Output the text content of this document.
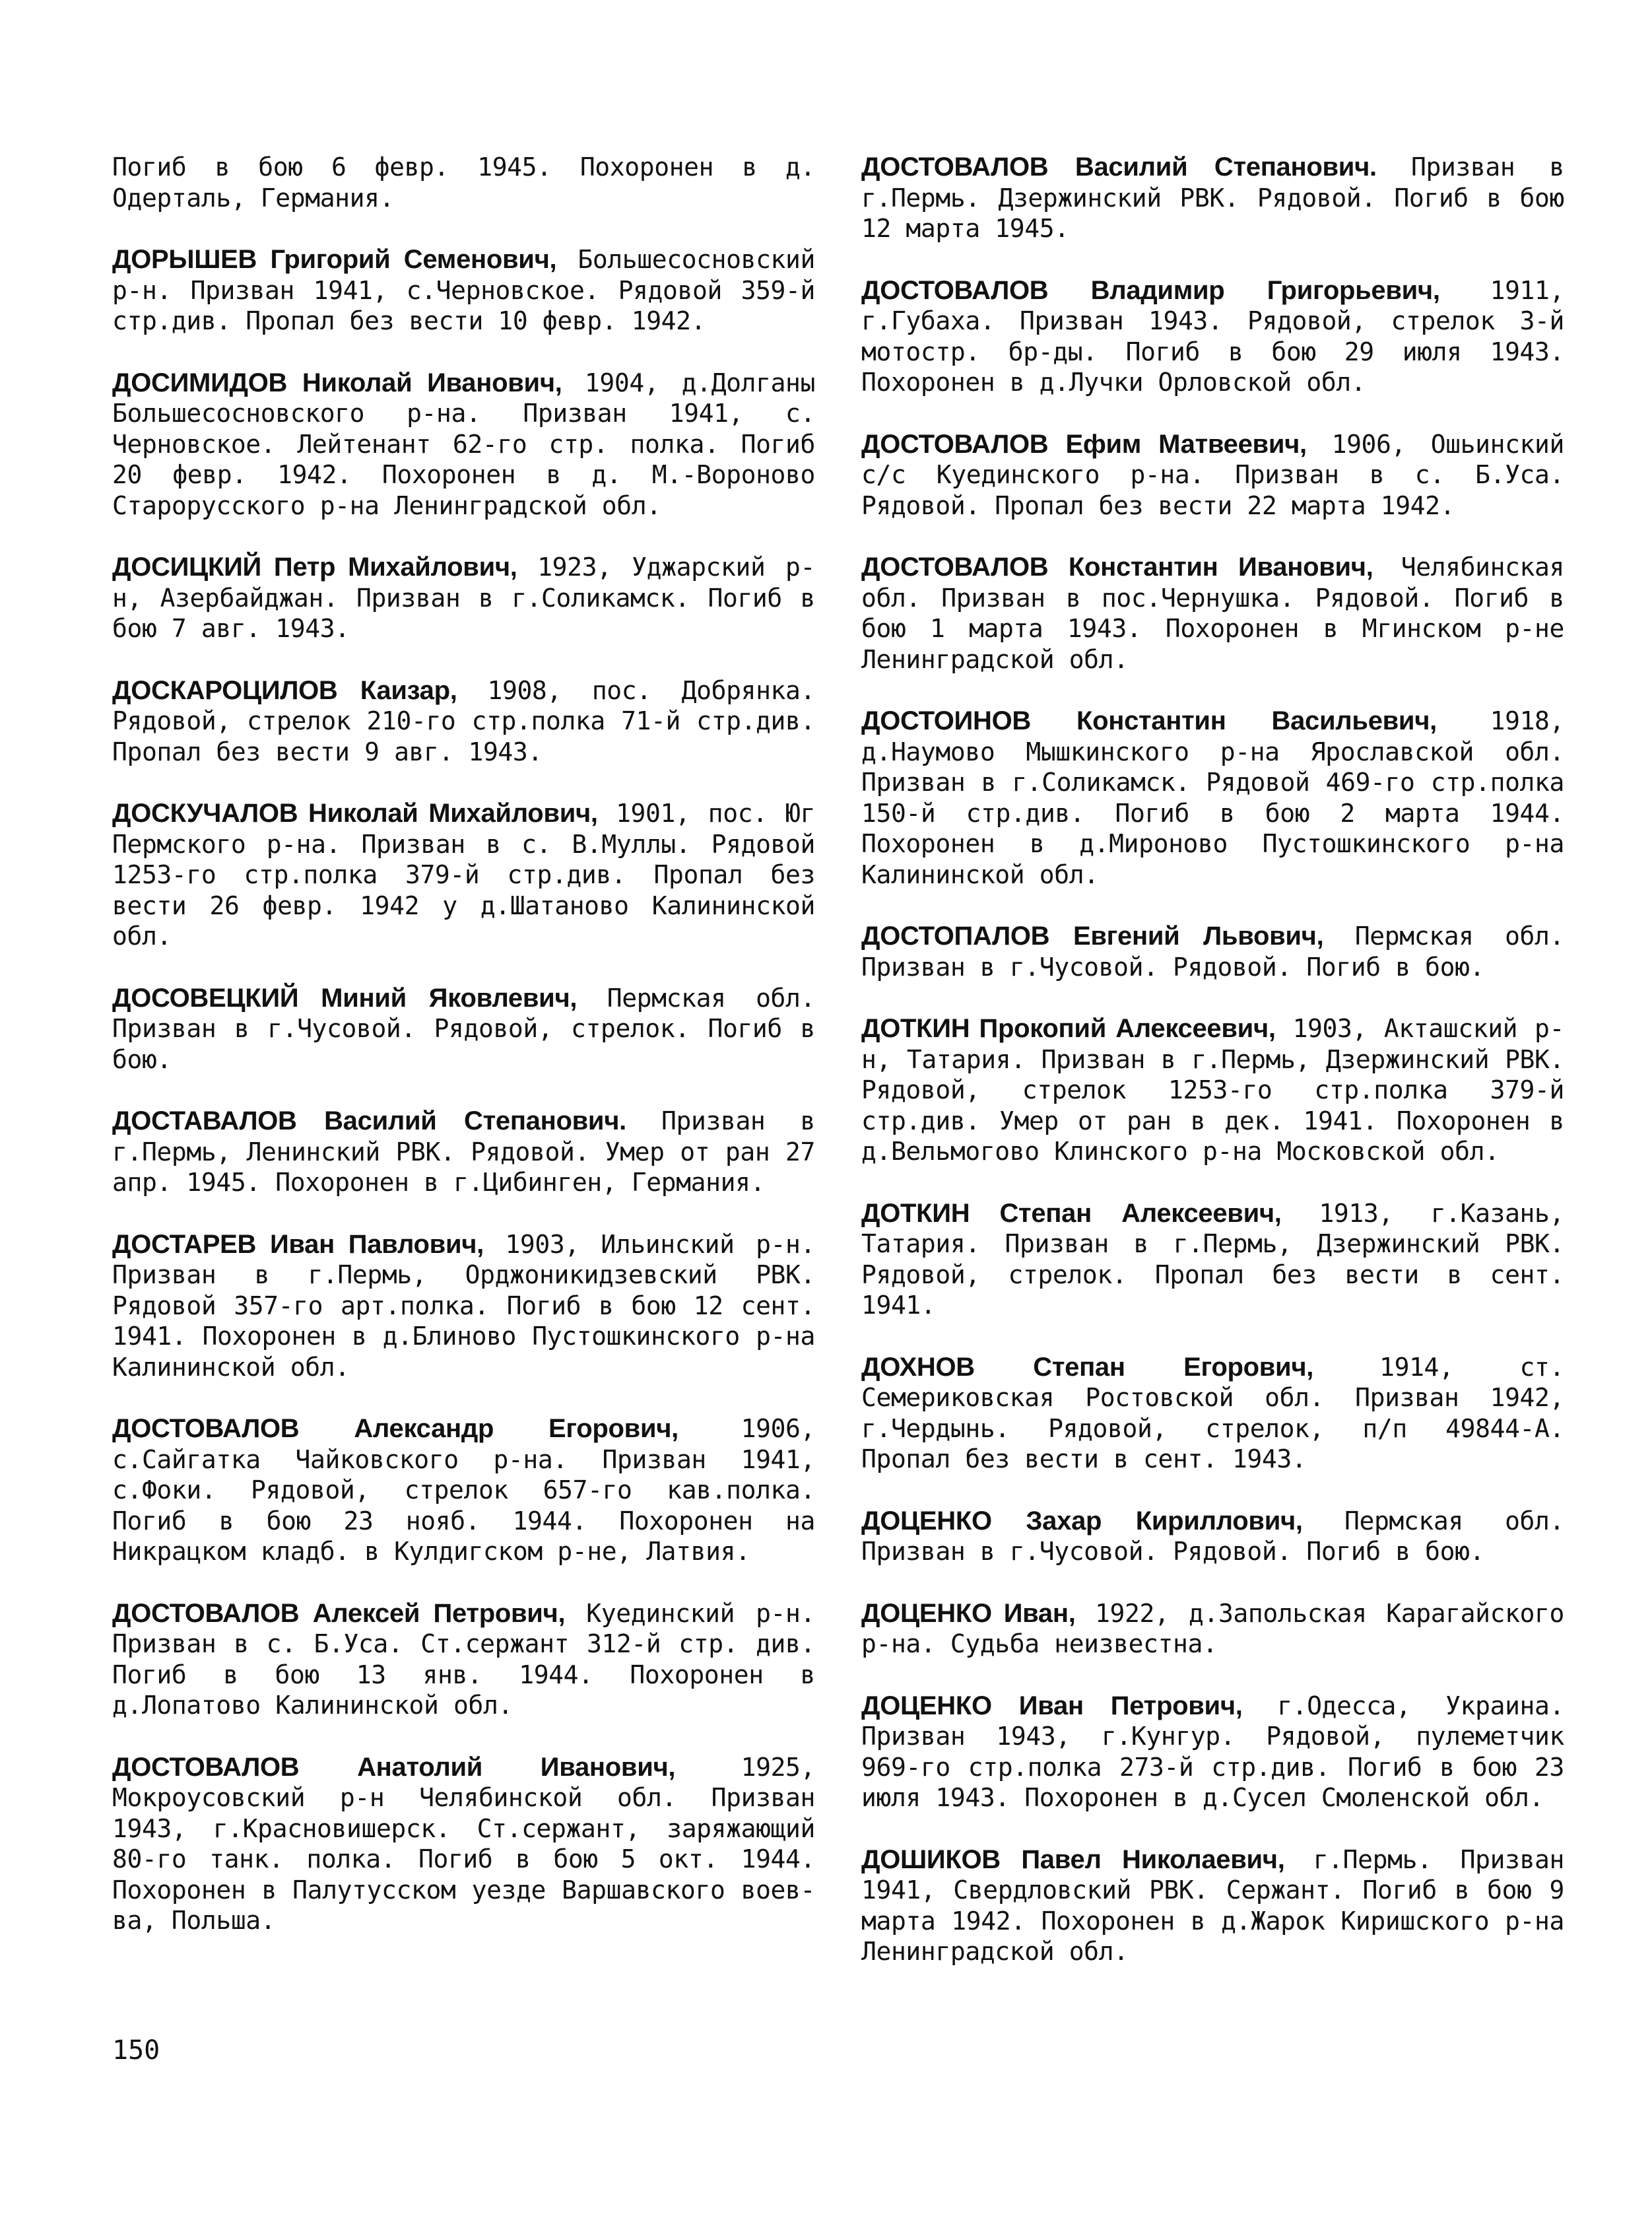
Погиб в бою 6 февр. 1945. Похоронен в д. Одерталь, Германия.

ДОРЫШЕВ Григорий Семенович, Большесосновский р-н. Призван 1941, с.Черновское. Рядовой 359-й стр.див. Пропал без вести 10 февр. 1942.

ДОСИМИДОВ Николай Иванович, 1904, д.Долганы Большесосновского р-на. Призван 1941, с. Черновское. Лейтенант 62-го стр. полка. Погиб 20 февр. 1942. Похоронен в д. М.-Вороново Старорусского р-на Ленинградской обл.

ДОСИЦКИЙ Петр Михайлович, 1923, Уджарский р-н, Азербайджан. Призван в г.Соликамск. Погиб в бою 7 авг. 1943.

ДОСКАРОЦИЛОВ Каизар, 1908, пос. Добрянка. Рядовой, стрелок 210-го стр.полка 71-й стр.див. Пропал без вести 9 авг. 1943.

ДОСКУЧАЛОВ Николай Михайлович, 1901, пос. Юг Пермского р-на. Призван в с. В.Муллы. Рядовой 1253-го стр.полка 379-й стр.див. Пропал без вести 26 февр. 1942 у д.Шатаново Калининской обл.

ДОСОВЕЦКИЙ Миний Яковлевич, Пермская обл. Призван в г.Чусовой. Рядовой, стрелок. Погиб в бою.

ДОСТАВАЛОВ Василий Степанович. Призван в г.Пермь, Ленинский РВК. Рядовой. Умер от ран 27 апр. 1945. Похоронен в г.Цибинген, Германия.

ДОСТАРЕВ Иван Павлович, 1903, Ильинский р-н. Призван в г.Пермь, Орджоникидзевский РВК. Рядовой 357-го арт.полка. Погиб в бою 12 сент. 1941. Похоронен в д.Блиново Пустошкинского р-на Калининской обл.

ДОСТОВАЛОВ Александр Егорович, 1906, с.Сайгатка Чайковского р-на. Призван 1941, с.Фоки. Рядовой, стрелок 657-го кав.полка. Погиб в бою 23 нояб. 1944. Похоронен на Никрацком кладб. в Кулдигском р-не, Латвия.

ДОСТОВАЛОВ Алексей Петрович, Куединский р-н. Призван в с. Б.Уса. Ст.сержант 312-й стр. див. Погиб в бою 13 янв. 1944. Похоронен в д.Лопатово Калининской обл.

ДОСТОВАЛОВ Анатолий Иванович, 1925, Мокроусовский р-н Челябинской обл. Призван 1943, г.Красновишерск. Ст.сержант, заряжающий 80-го танк. полка. Погиб в бою 5 окт. 1944. Похоронен в Палутусском уезде Варшавского воев-ва, Польша.

ДОСТОВАЛОВ Василий Степанович. Призван в г.Пермь. Дзержинский РВК. Рядовой. Погиб в бою 12 марта 1945.

ДОСТОВАЛОВ Владимир Григорьевич, 1911, г.Губаха. Призван 1943. Рядовой, стрелок 3-й мотостр. бр-ды. Погиб в бою 29 июля 1943. Похоронен в д.Лучки Орловской обл.

ДОСТОВАЛОВ Ефим Матвеевич, 1906, Ошьинский с/с Куединского р-на. Призван в с. Б.Уса. Рядовой. Пропал без вести 22 марта 1942.

ДОСТОВАЛОВ Константин Иванович, Челябинская обл. Призван в пос.Чернушка. Рядовой. Погиб в бою 1 марта 1943. Похоронен в Мгинском р-не Ленинградской обл.

ДОСТОИНОВ Константин Васильевич, 1918, д.Наумово Мышкинского р-на Ярославской обл. Призван в г.Соликамск. Рядовой 469-го стр.полка 150-й стр.див. Погиб в бою 2 марта 1944. Похоронен в д.Мироново Пустошкинского р-на Калининской обл.

ДОСТОПАЛОВ Евгений Львович, Пермская обл. Призван в г.Чусовой. Рядовой. Погиб в бою.

ДОТКИН Прокопий Алексеевич, 1903, Акташский р-н, Татария. Призван в г.Пермь, Дзержинский РВК. Рядовой, стрелок 1253-го стр.полка 379-й стр.див. Умер от ран в дек. 1941. Похоронен в д.Вельмогово Клинского р-на Московской обл.

ДОТКИН Степан Алексеевич, 1913, г.Казань, Татария. Призван в г.Пермь, Дзержинский РВК. Рядовой, стрелок. Пропал без вести в сент. 1941.

ДОХНОВ Степан Егорович, 1914, ст. Семериковская Ростовской обл. Призван 1942, г.Чердынь. Рядовой, стрелок, п/п 49844-А. Пропал без вести в сент. 1943.

ДОЦЕНКО Захар Кириллович, Пермская обл. Призван в г.Чусовой. Рядовой. Погиб в бою.

ДОЦЕНКО Иван, 1922, д.Запольская Карагайского р-на. Судьба неизвестна.

ДОЦЕНКО Иван Петрович, г.Одесса, Украина. Призван 1943, г.Кунгур. Рядовой, пулеметчик 969-го стр.полка 273-й стр.див. Погиб в бою 23 июля 1943. Похоронен в д.Сусел Смоленской обл.

ДОШИКОВ Павел Николаевич, г.Пермь. Призван 1941, Свердловский РВК. Сержант. Погиб в бою 9 марта 1942. Похоронен в д.Жарок Киришского р-на Ленинградской обл.

150
